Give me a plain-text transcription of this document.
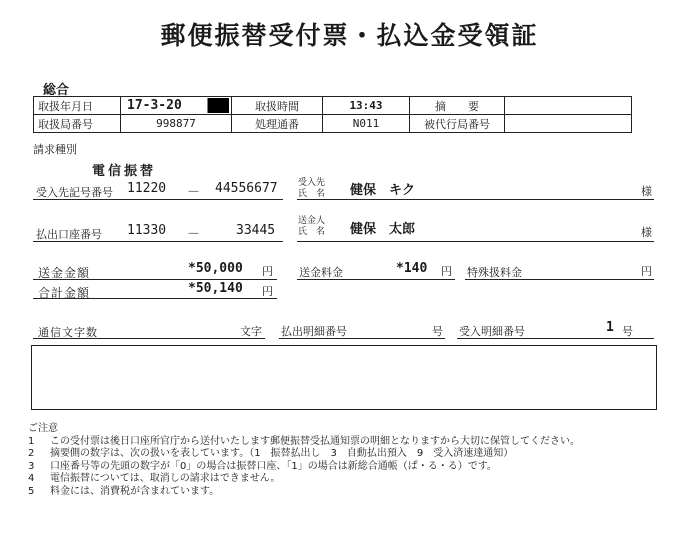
郵便振替受付票・払込金受領証
総合
取扱年月日	17-3-20	取扱時間	13:43	摘　　要	
取扱局番号	998877	処理通番	N011	被代行局番号	
請求種別
電信振替
受入先記号番号 11220 － 44556677 受入先
氏　名 健保　キク	様
払出口座番号 11330 －	33445
送金人
氏　名 健保　太郎	様
送金金額	*50,000 円 送金料金	*140 円 特殊扱料金	円
合計金額	*50,140 円
通信文字数	文字 払出明細番号	号 受入明細番号	1 号
ご注意
1 この受付票は後日口座所官庁から送付いたします郵便振替受払通知票の明細となりますから大切に保管してください。
2 摘要側の数字は、次の扱いを表しています。（1　振替払出し　3　自動払出預入　9　受入済速達通知）
3 口座番号等の先頭の数字が「0」の場合は振替口座、「1」の場合は新総合通帳（ぱ・る・る）です。
4 電信振替については、取消しの請求はできません。
5 料金には、消費税が含まれています。
